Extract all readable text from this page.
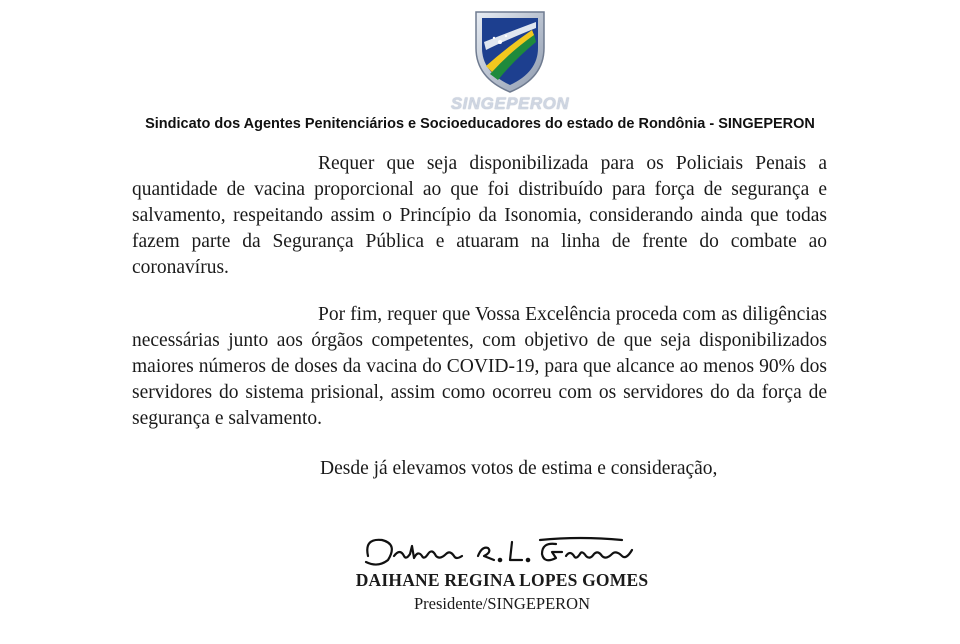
SINGEPERON
Sindicato dos Agentes Penitenciários e Socioeducadores do estado de Rondônia - SINGEPERON

Requer que seja disponibilizada para os Policiais Penais a quantidade de vacina proporcional ao que foi distribuído para força de segurança e salvamento, respeitando assim o Princípio da Isonomia, considerando ainda que todas fazem parte da Segurança Pública e atuaram na linha de frente do combate ao coronavírus.

Por fim, requer que Vossa Excelência proceda com as diligências necessárias junto aos órgãos competentes, com objetivo de que seja disponibilizados maiores números de doses da vacina do COVID-19, para que alcance ao menos 90% dos servidores do sistema prisional, assim como ocorreu com os servidores do da força de segurança e salvamento.

Desde já elevamos votos de estima e consideração,
DAIHANE REGINA LOPES GOMES
Presidente/SINGEPERON
